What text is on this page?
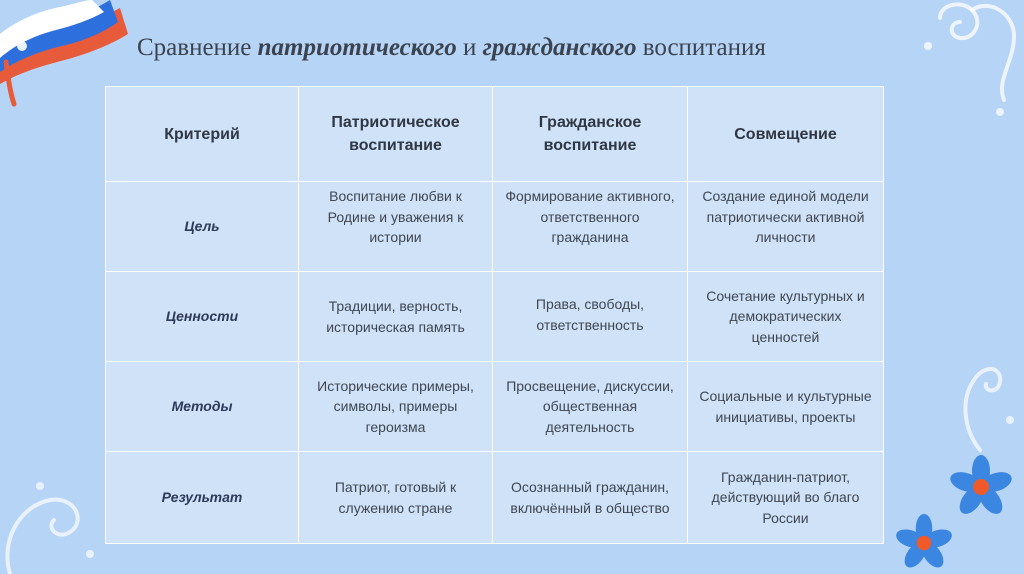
Сравнение патриотического и гражданского воспитания
Критерий
Патриотическое воспитание
Гражданское воспитание
Совмещение
Цель
Воспитание любви к Родине и уважения к истории
Формирование активного, ответственного гражданина
Создание единой модели патриотически активной личности
Ценности
Традиции, верность, историческая память
Права, свободы, ответственность
Сочетание культурных и демократических ценностей
Методы
Исторические примеры, символы, примеры героизма
Просвещение, дискуссии, общественная деятельность
Социальные и культурные инициативы, проекты
Результат
Патриот, готовый к служению стране
Осознанный гражданин, включённый в общество
Гражданин-патриот, действующий во благо России
